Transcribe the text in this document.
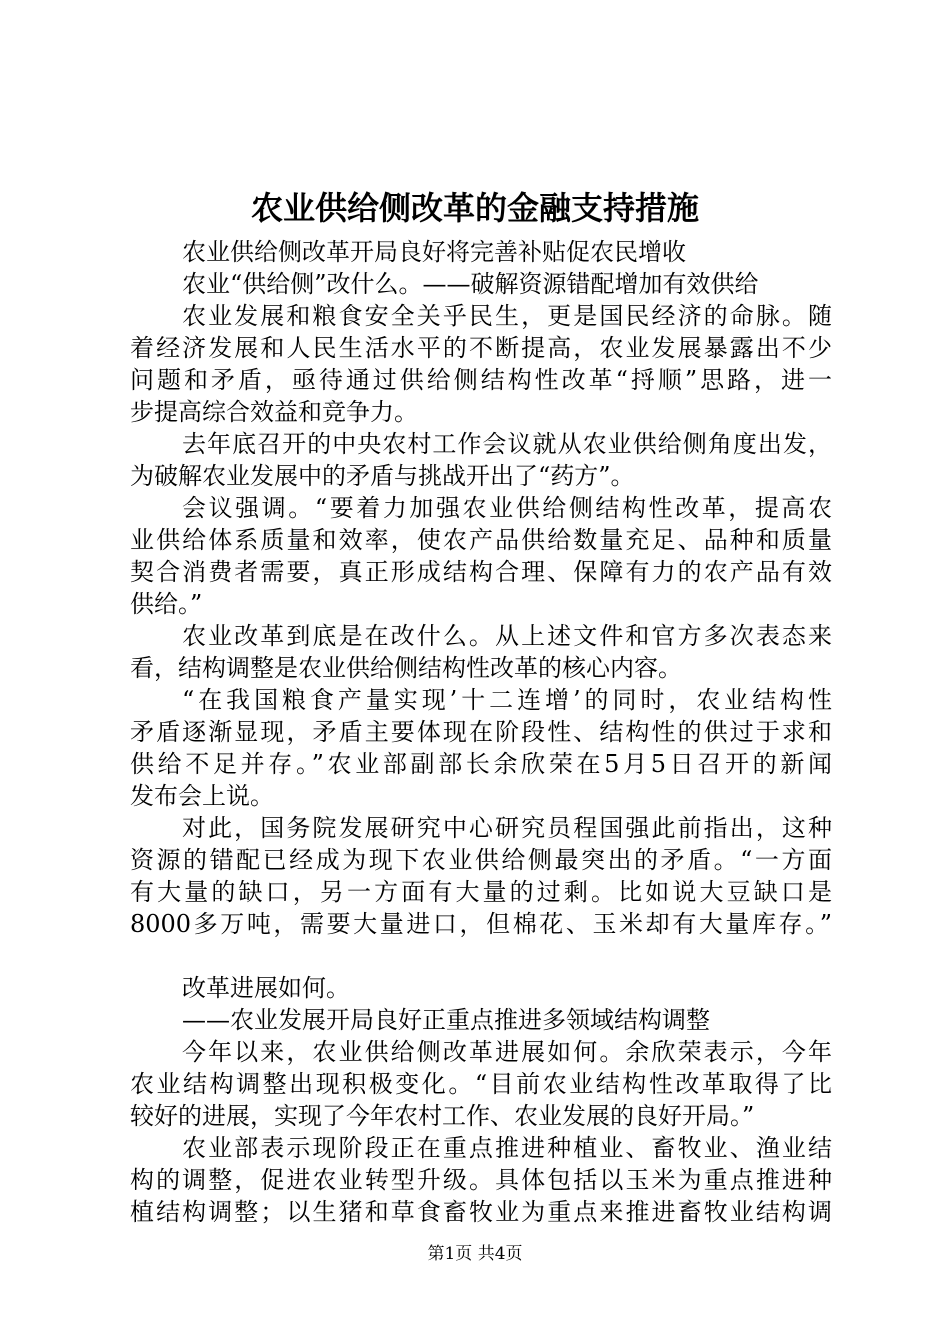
农业供给侧改革的金融支持措施
农业供给侧改革开局良好将完善补贴促农民增收
农业“供给侧”改什么。——破解资源错配增加有效供给
农业发展和粮食安全关乎民生，更是国民经济的命脉。随
着经济发展和人民生活水平的不断提高，农业发展暴露出不少
问题和矛盾，亟待通过供给侧结构性改革“捋顺”思路，进一
步提高综合效益和竞争力。
去年底召开的中央农村工作会议就从农业供给侧角度出发，
为破解农业发展中的矛盾与挑战开出了“药方”。
会议强调。“要着力加强农业供给侧结构性改革，提高农
业供给体系质量和效率，使农产品供给数量充足、品种和质量
契合消费者需要，真正形成结构合理、保障有力的农产品有效
供给。”
农业改革到底是在改什么。从上述文件和官方多次表态来
看，结构调整是农业供给侧结构性改革的核心内容。
“在我国粮食产量实现’十二连增’的同时，农业结构性
矛盾逐渐显现，矛盾主要体现在阶段性、结构性的供过于求和
供给不足并存。”农业部副部长余欣荣在5月5日召开的新闻
发布会上说。
对此，国务院发展研究中心研究员程国强此前指出，这种
资源的错配已经成为现下农业供给侧最突出的矛盾。“一方面
有大量的缺口，另一方面有大量的过剩。比如说大豆缺口是
8000多万吨，需要大量进口，但棉花、玉米却有大量库存。”
改革进展如何。
——农业发展开局良好正重点推进多领域结构调整
今年以来，农业供给侧改革进展如何。余欣荣表示，今年
农业结构调整出现积极变化。“目前农业结构性改革取得了比
较好的进展，实现了今年农村工作、农业发展的良好开局。”
农业部表示现阶段正在重点推进种植业、畜牧业、渔业结
构的调整，促进农业转型升级。具体包括以玉米为重点推进种
植结构调整；以生猪和草食畜牧业为重点来推进畜牧业结构调
第1页 共4页
